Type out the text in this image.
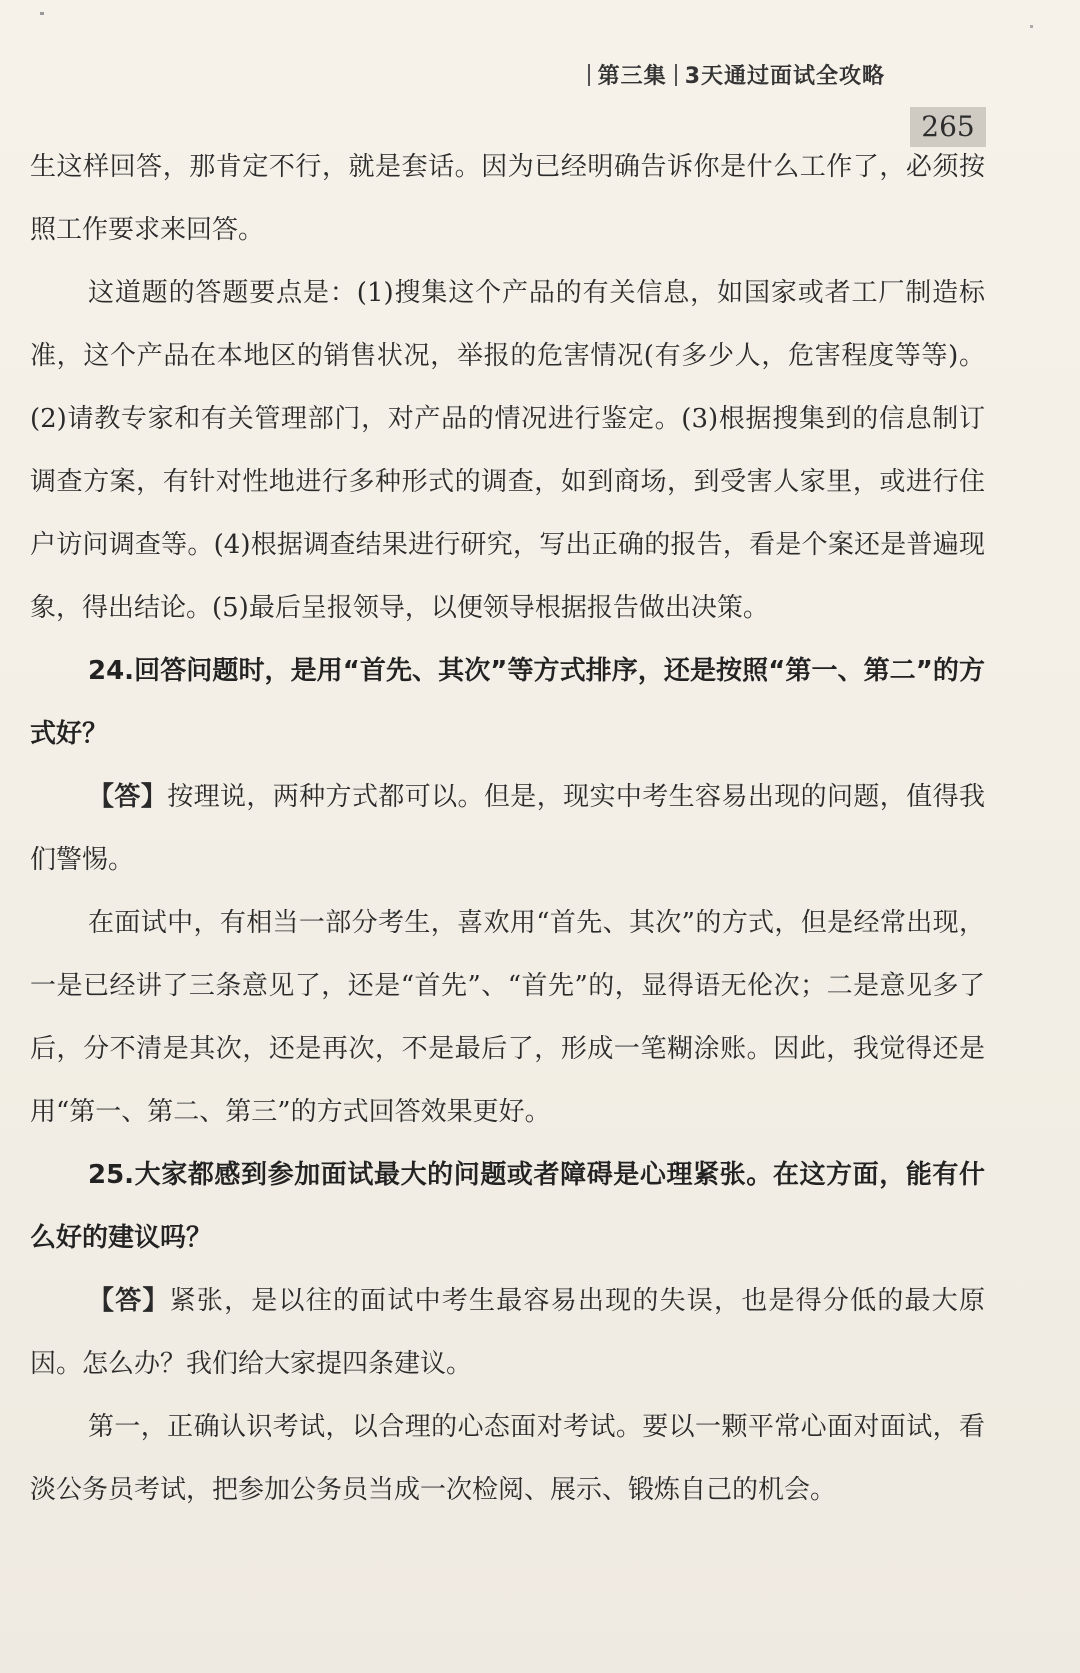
第三集 3天通过面试全攻略
265

生这样回答，那肯定不行，就是套话。因为已经明确告诉你是什么工作了，必须按照工作要求来回答。

这道题的答题要点是：(1)搜集这个产品的有关信息，如国家或者工厂制造标准，这个产品在本地区的销售状况，举报的危害情况(有多少人，危害程度等等)。(2)请教专家和有关管理部门，对产品的情况进行鉴定。(3)根据搜集到的信息制订调查方案，有针对性地进行多种形式的调查，如到商场，到受害人家里，或进行住户访问调查等。(4)根据调查结果进行研究，写出正确的报告，看是个案还是普遍现象，得出结论。(5)最后呈报领导，以便领导根据报告做出决策。

24.回答问题时，是用“首先、其次”等方式排序，还是按照“第一、第二”的方式好？

【答】按理说，两种方式都可以。但是，现实中考生容易出现的问题，值得我们警惕。

在面试中，有相当一部分考生，喜欢用“首先、其次”的方式，但是经常出现，一是已经讲了三条意见了，还是“首先”、“首先”的，显得语无伦次；二是意见多了后，分不清是其次，还是再次，不是最后了，形成一笔糊涂账。因此，我觉得还是用“第一、第二、第三”的方式回答效果更好。

25.大家都感到参加面试最大的问题或者障碍是心理紧张。在这方面，能有什么好的建议吗？

【答】紧张，是以往的面试中考生最容易出现的失误，也是得分低的最大原因。怎么办？我们给大家提四条建议。

第一，正确认识考试，以合理的心态面对考试。要以一颗平常心面对面试，看淡公务员考试，把参加公务员当成一次检阅、展示、锻炼自己的机会。
